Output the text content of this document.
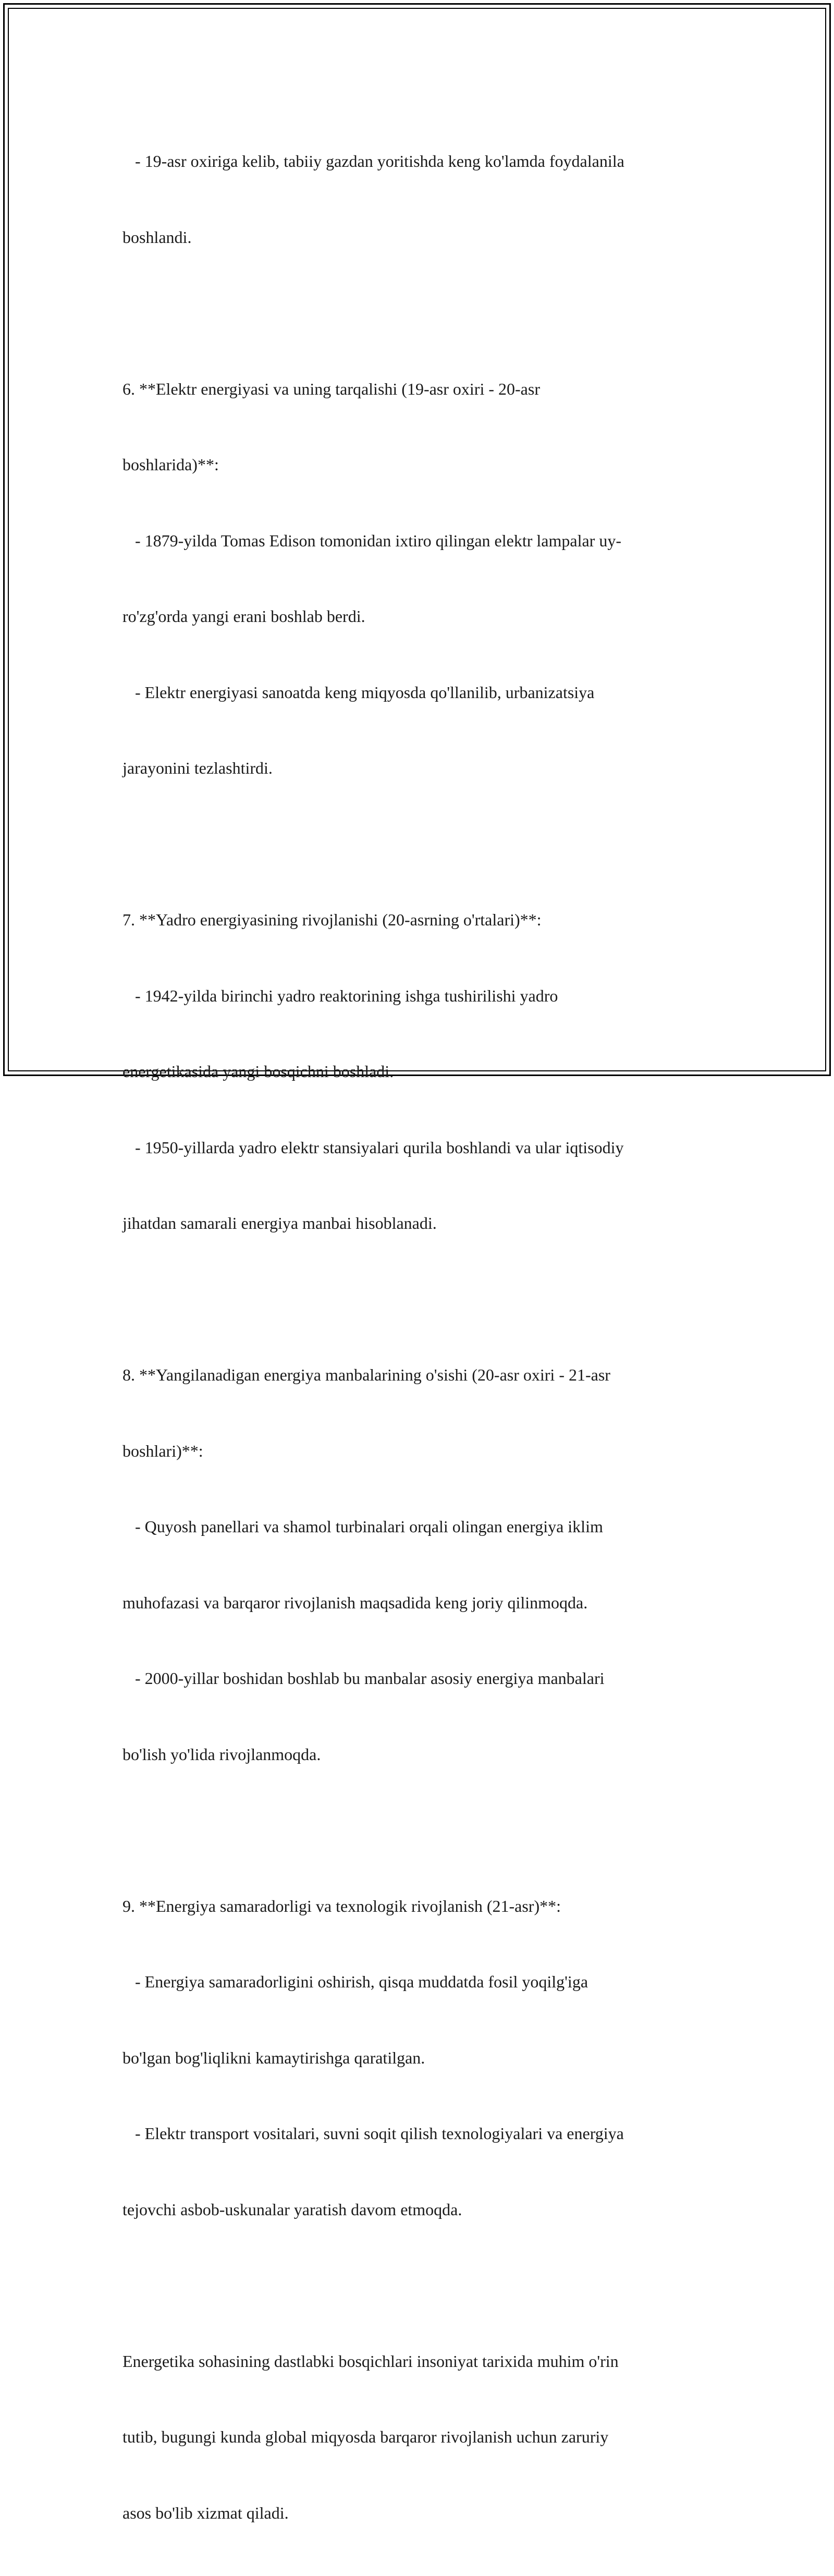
- 19-asr oxiriga kelib, tabiiy gazdan yoritishda keng ko'lamda foydalanila

boshlandi.

6. **Elektr energiyasi va uning tarqalishi (19-asr oxiri - 20-asr

boshlarida)**:

- 1879-yilda Tomas Edison tomonidan ixtiro qilingan elektr lampalar uy-

ro'zg'orda yangi erani boshlab berdi.

- Elektr energiyasi sanoatda keng miqyosda qo'llanilib, urbanizatsiya

jarayonini tezlashtirdi.

7. **Yadro energiyasining rivojlanishi (20-asrning o'rtalari)**:

- 1942-yilda birinchi yadro reaktorining ishga tushirilishi yadro

energetikasida yangi bosqichni boshladi.

- 1950-yillarda yadro elektr stansiyalari qurila boshlandi va ular iqtisodiy

jihatdan samarali energiya manbai hisoblanadi.

8. **Yangilanadigan energiya manbalarining o'sishi (20-asr oxiri - 21-asr

boshlari)**:

- Quyosh panellari va shamol turbinalari orqali olingan energiya iklim

muhofazasi va barqaror rivojlanish maqsadida keng joriy qilinmoqda.

- 2000-yillar boshidan boshlab bu manbalar asosiy energiya manbalari

bo'lish yo'lida rivojlanmoqda.

9. **Energiya samaradorligi va texnologik rivojlanish (21-asr)**:

- Energiya samaradorligini oshirish, qisqa muddatda fosil yoqilg'iga

bo'lgan bog'liqlikni kamaytirishga qaratilgan.

- Elektr transport vositalari, suvni soqit qilish texnologiyalari va energiya

tejovchi asbob-uskunalar yaratish davom etmoqda.

Energetika sohasining dastlabki bosqichlari insoniyat tarixida muhim o'rin

tutib, bugungi kunda global miqyosda barqaror rivojlanish uchun zaruriy

asos bo'lib xizmat qiladi.
